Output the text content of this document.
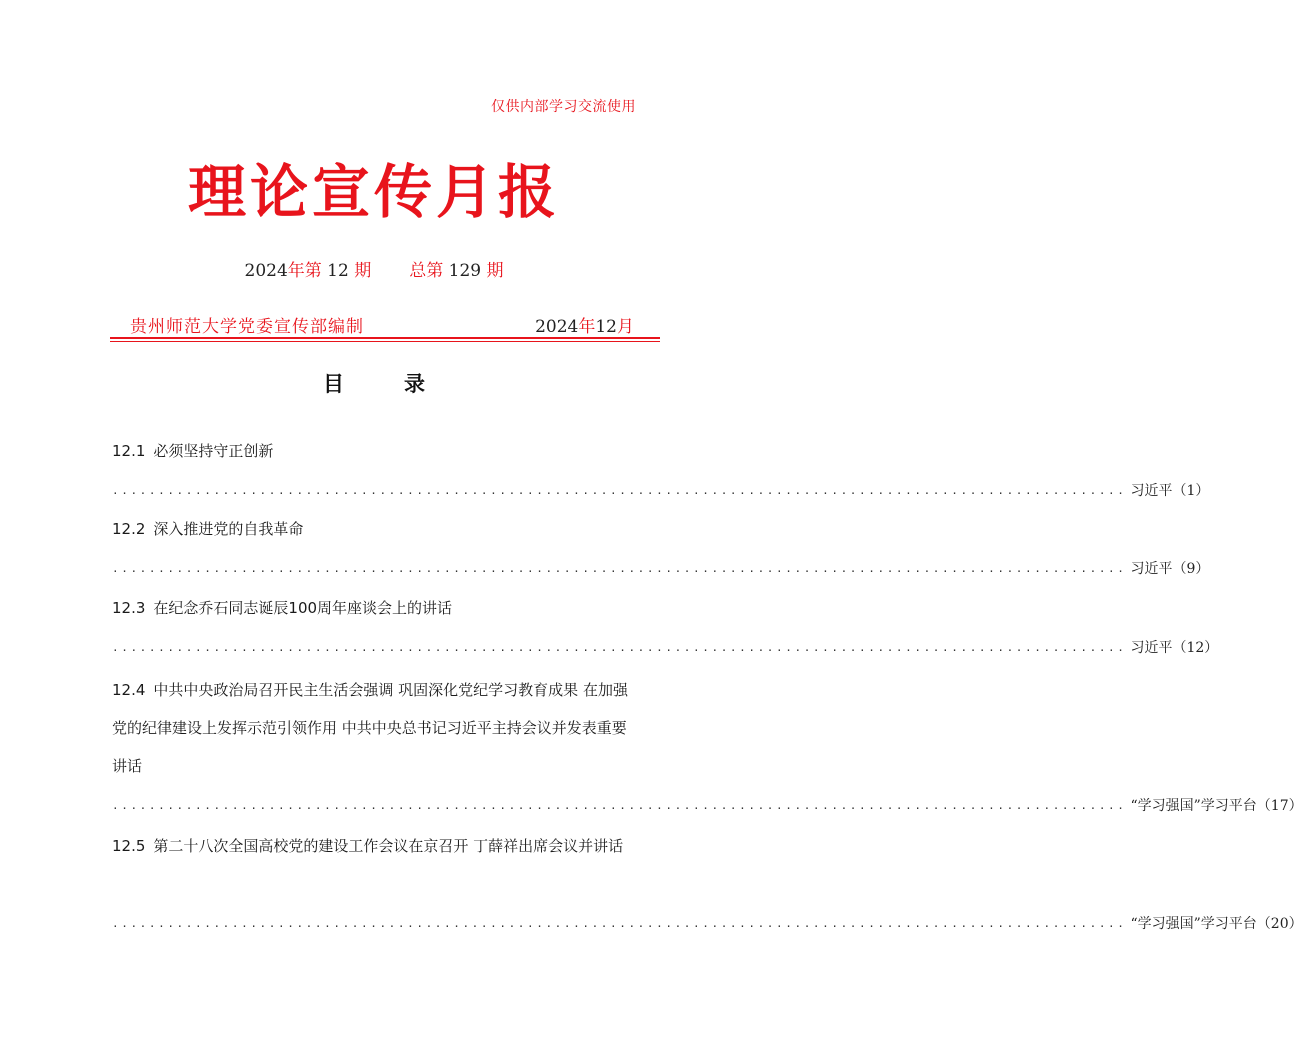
仅供内部学习交流使用
理论宣传月报
2024年第 12 期 总第 129 期
贵州师范大学党委宣传部编制	2024年12月
目录
12.1 必须坚持守正创新
.............................................................................................................. 习近平（1）
12.2 深入推进党的自我革命
.............................................................................................................. 习近平（9）
12.3 在纪念乔石同志诞辰100周年座谈会上的讲话
.............................................................................................................. 习近平（12）
12.4 中共中央政治局召开民主生活会强调 巩固深化党纪学习教育成果 在加强党的纪律建设上发挥示范引领作用 中共中央总书记习近平主持会议并发表重要讲话
.............................................................................................................. “学习强国”学习平台（17）
12.5 第二十八次全国高校党的建设工作会议在京召开 丁薛祥出席会议并讲话
.............................................................................................................. “学习强国”学习平台（20）
